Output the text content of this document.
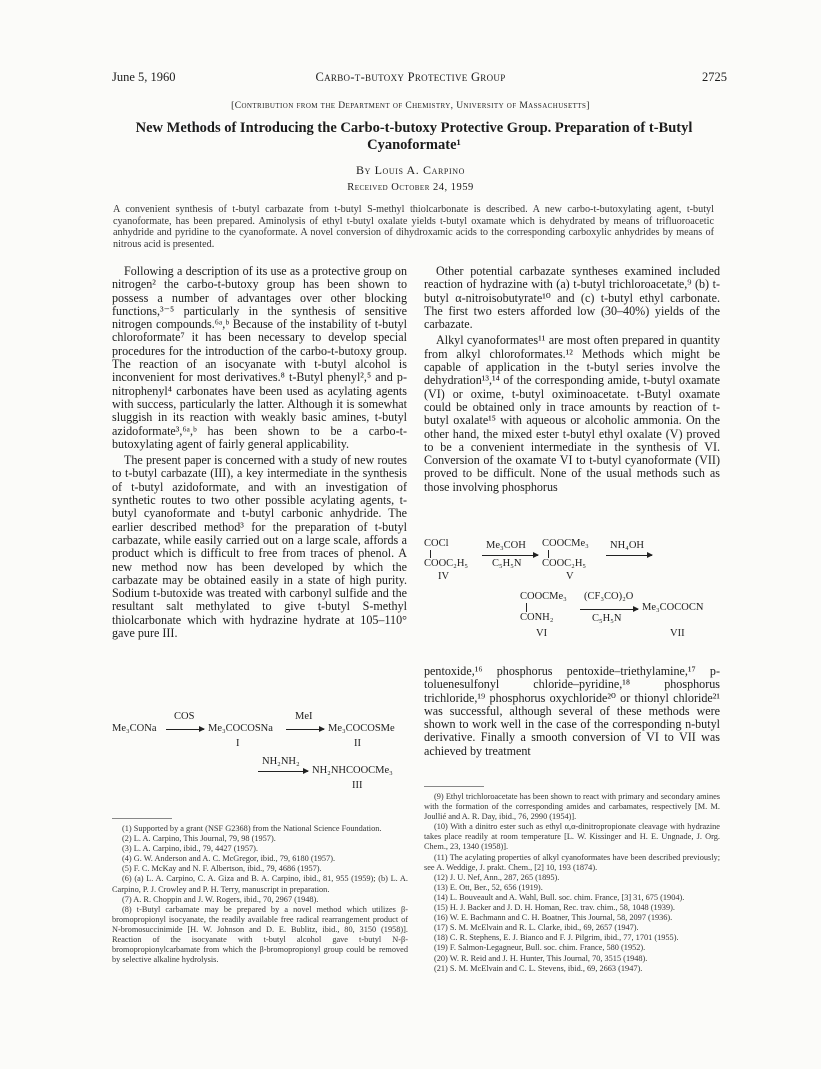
June 5, 1960	Carbo-t-butoxy Protective Group	2725
[Contribution from the Department of Chemistry, University of Massachusetts]
New Methods of Introducing the Carbo-t-butoxy Protective Group. Preparation of t-Butyl Cyanoformate¹
By Louis A. Carpino
Received October 24, 1959
A convenient synthesis of t-butyl carbazate from t-butyl S-methyl thiolcarbonate is described. A new carbo-t-butoxylating agent, t-butyl cyanoformate, has been prepared. Aminolysis of ethyl t-butyl oxalate yields t-butyl oxamate which is dehydrated by means of trifluoroacetic anhydride and pyridine to the cyanoformate. A novel conversion of dihydroxamic acids to the corresponding carboxylic anhydrides by means of nitrous acid is presented.

Following a description of its use as a protective group on nitrogen² the carbo-t-butoxy group has been shown to possess a number of advantages over other blocking functions,³⁻⁵ particularly in the synthesis of sensitive nitrogen compounds.⁶ᵃ,ᵇ Because of the instability of t-butyl chloroformate⁷ it has been necessary to develop special procedures for the introduction of the carbo-t-butoxy group. The reaction of an isocyanate with t-butyl alcohol is inconvenient for most derivatives.⁸ t-Butyl phenyl²,⁵ and p-nitrophenyl⁴ carbonates have been used as acylating agents with success, particularly the latter. Although it is somewhat sluggish in its reaction with weakly basic amines, t-butyl azidoformate³,⁶ᵃ,ᵇ has been shown to be a carbo-t-butoxylating agent of fairly general applicability.

The present paper is concerned with a study of new routes to t-butyl carbazate (III), a key intermediate in the synthesis of t-butyl azidoformate, and with an investigation of synthetic routes to two other possible acylating agents, t-butyl cyanoformate and t-butyl carbonic anhydride. The earlier described method³ for the preparation of t-butyl carbazate, while easily carried out on a large scale, affords a product which is difficult to free from traces of phenol. A new method now has been developed by which the carbazate may be obtained easily in a state of high purity. Sodium t-butoxide was treated with carbonyl sulfide and the resultant salt methylated to give t-butyl S-methyl thiolcarbonate which with hydrazine hydrate at 105–110° gave pure III.

Me₃CONa
COS
→ Me₃COCOSNa
MeI
→ Me₃COCOSMe
I	II
NH₂NH₂
NH₂NHCOOCMe₃
III
(1) Supported by a grant (NSF G2368) from the National Science Foundation.
(2) L. A. Carpino, This Journal, 79, 98 (1957).
(3) L. A. Carpino, ibid., 79, 4427 (1957).
(4) G. W. Anderson and A. C. McGregor, ibid., 79, 6180 (1957).
(5) F. C. McKay and N. F. Albertson, ibid., 79, 4686 (1957).
(6) (a) L. A. Carpino, C. A. Giza and B. A. Carpino, ibid., 81, 955 (1959); (b) L. A. Carpino, P. J. Crowley and P. H. Terry, manuscript in preparation.
(7) A. R. Choppin and J. W. Rogers, ibid., 70, 2967 (1948).
(8) t-Butyl carbamate may be prepared by a novel method which utilizes β-bromopropionyl isocyanate, the readily available free radical rearrangement product of N-bromosuccinimide [H. W. Johnson and D. E. Bublitz, ibid., 80, 3150 (1958)]. Reaction of the isocyanate with t-butyl alcohol gave t-butyl N-β-bromopropionylcarbamate from which the β-bromopropionyl group could be removed by selective alkaline hydrolysis.

Other potential carbazate syntheses examined included reaction of hydrazine with (a) t-butyl trichloroacetate,⁹ (b) t-butyl α-nitroisobutyrate¹⁰ and (c) t-butyl ethyl carbonate. The first two esters afforded low (30–40%) yields of the carbazate.

Alkyl cyanoformates¹¹ are most often prepared in quantity from alkyl chloroformates.¹² Methods which might be capable of application in the t-butyl series involve the dehydration¹³,¹⁴ of the corresponding amide, t-butyl oxamate (VI) or oxime, t-butyl oximinoacetate. t-Butyl oxamate could be obtained only in trace amounts by reaction of t-butyl oxalate¹⁵ with aqueous or alcoholic ammonia. On the other hand, the mixed ester t-butyl ethyl oxalate (V) proved to be a convenient intermediate in the synthesis of VI. Conversion of the oxamate VI to t-butyl cyanoformate (VII) proved to be difficult. None of the usual methods such as those involving phosphorus

COCl
COOC₂H₅
IV
Me₃COH
C₅H₅N
COOCMe₃
COOC₂H₅
V
NH₄OH
COOCMe₃
CONH₂
VI
(CF₃CO)₂O
C₅H₅N
Me₃COCOCN
VII

pentoxide,¹⁶ phosphorus pentoxide–triethylamine,¹⁷ p-toluenesulfonyl chloride–pyridine,¹⁸ phosphorus trichloride,¹⁹ phosphorus oxychloride²⁰ or thionyl chloride²¹ was successful, although several of these methods were shown to work well in the case of the corresponding n-butyl derivative. Finally a smooth conversion of VI to VII was achieved by treatment

(9) Ethyl trichloroacetate has been shown to react with primary and secondary amines with the formation of the corresponding amides and carbamates, respectively [M. M. Joullié and A. R. Day, ibid., 76, 2990 (1954)].
(10) With a dinitro ester such as ethyl α,α-dinitropropionate cleavage with hydrazine takes place readily at room temperature [L. W. Kissinger and H. E. Ungnade, J. Org. Chem., 23, 1340 (1958)].
(11) The acylating properties of alkyl cyanoformates have been described previously; see A. Weddige, J. prakt. Chem., [2] 10, 193 (1874).
(12) J. U. Nef, Ann., 287, 265 (1895).
(13) E. Ott, Ber., 52, 656 (1919).
(14) L. Bouveault and A. Wahl, Bull. soc. chim. France, [3] 31, 675 (1904).
(15) H. J. Backer and J. D. H. Homan, Rec. trav. chim., 58, 1048 (1939).
(16) W. E. Bachmann and C. H. Boatner, This Journal, 58, 2097 (1936).
(17) S. M. McElvain and R. L. Clarke, ibid., 69, 2657 (1947).
(18) C. R. Stephens, E. J. Bianco and F. J. Pilgrim, ibid., 77, 1701 (1955).
(19) F. Salmon-Legagneur, Bull. soc. chim. France, 580 (1952).
(20) W. R. Reid and J. H. Hunter, This Journal, 70, 3515 (1948).
(21) S. M. McElvain and C. L. Stevens, ibid., 69, 2663 (1947).
